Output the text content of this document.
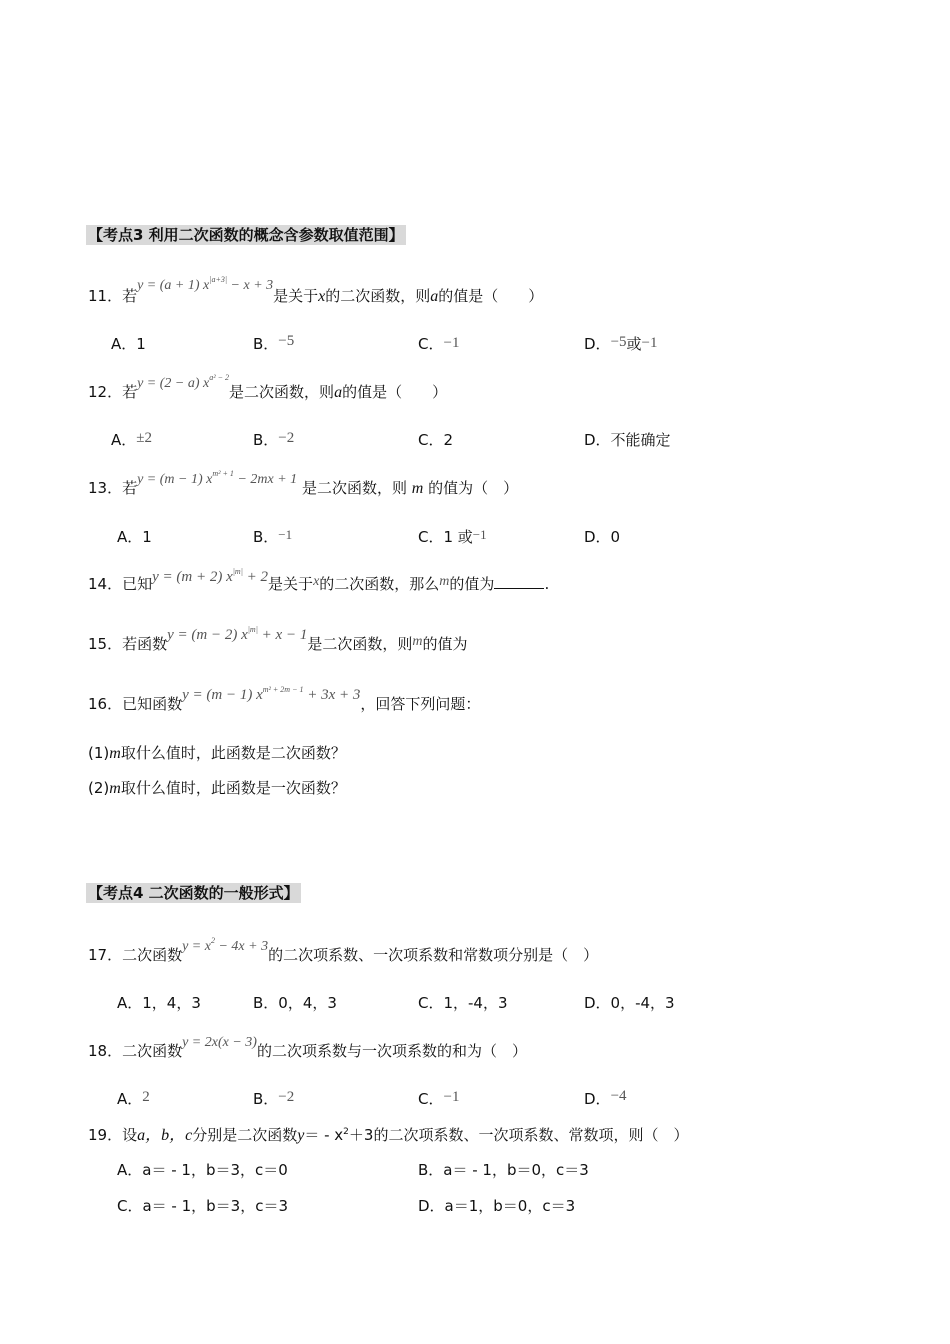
【考点3 利用二次函数的概念含参数取值范围】
11．若y = (a + 1) $x^{|a+3|} - x + 3$是关于x的二次函数，则a的值是（　　）
A．1	B．−5	C．−1	D．−5或−1
12．若y = (2 − a) $x^{a^2 - 2}$是二次函数，则a的值是（　　）
A．±2	B．−2	C．2	D．不能确定
13．若y = (m − 1) $x^{m^2 + 1} - 2mx + 1$ 是二次函数，则 m 的值为（　）
A．1	B．−1	C．1 或−1	D．0
14．已知y = (m + 2) $x^{|m|} + 2$是关于x的二次函数，那么m的值为	.
15．若函数y = (m − 2) $x^{|m|} + x - 1$是二次函数，则m的值为
16．已知函数y = (m − 1) $x^{m^2 + 2m - 1} + 3x + 3$，回答下列问题：
(1)m取什么值时，此函数是二次函数？
(2)m取什么值时，此函数是一次函数？
【考点4 二次函数的一般形式】
17．二次函数$y = x^2 - 4x + 3$的二次项系数、一次项系数和常数项分别是（　）
A．1，4，3	B．0，4，3	C．1，-4，3	D．0，-4，3
18．二次函数y = 2x(x − 3)的二次项系数与一次项系数的和为（　）
A．2	B．−2	C．−1	D．−4
19．设a，b，c分别是二次函数$y= - x^2+3$的二次项系数、一次项系数、常数项，则（　）
A．a＝ - 1，b＝3，c＝0	B．a＝ - 1，b＝0，c＝3
C．a＝ - 1，b＝3，c＝3	D．a＝1，b＝0，c＝3
